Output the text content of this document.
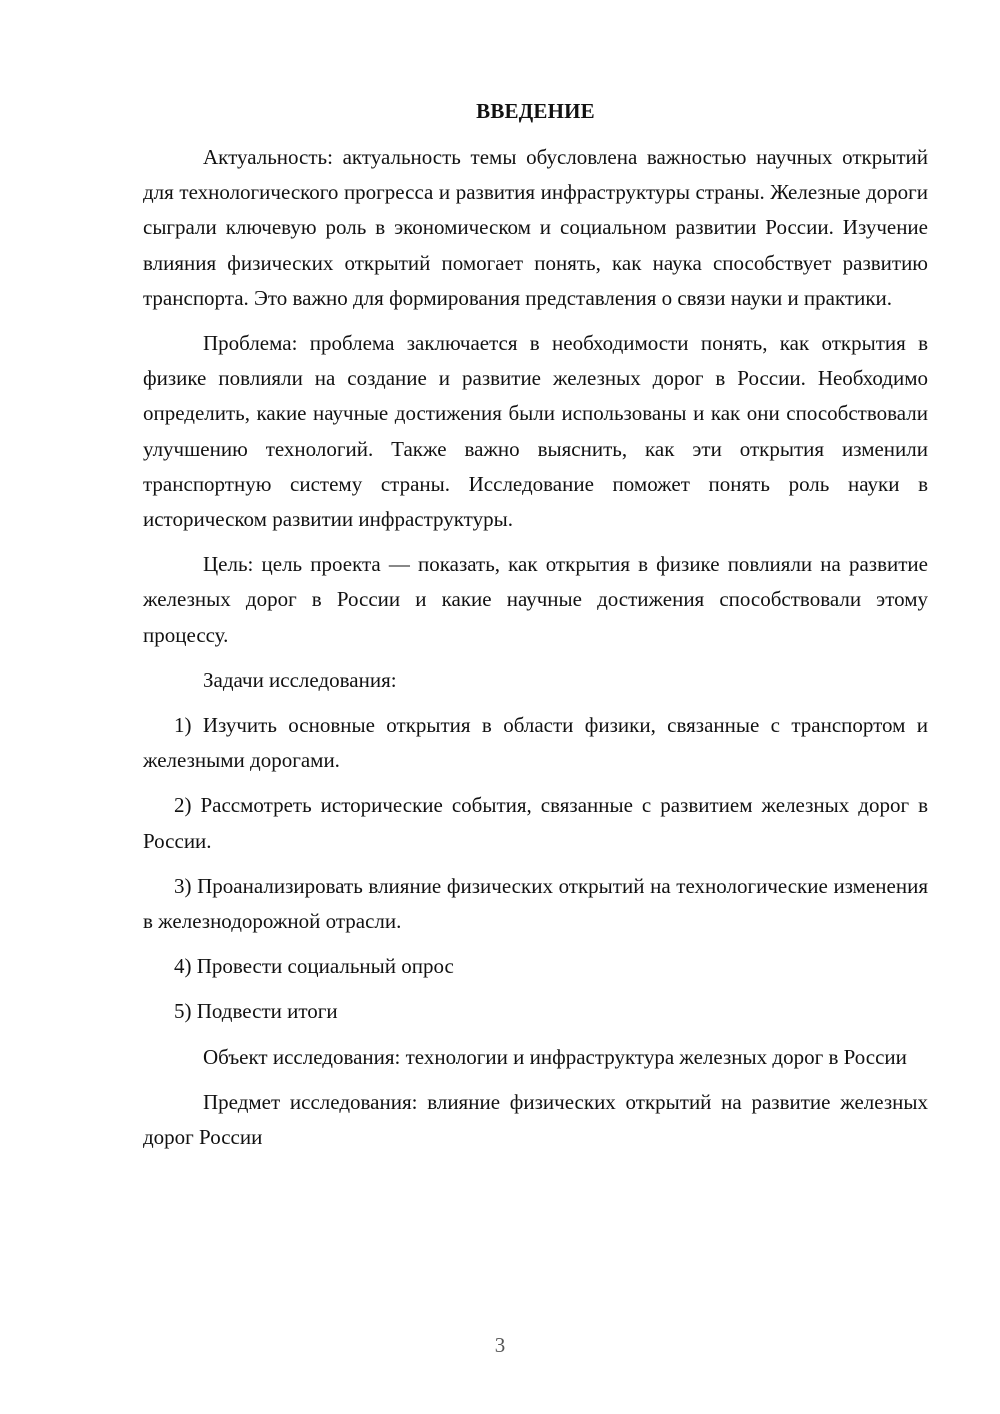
ВВЕДЕНИЕ

Актуальность: актуальность темы обусловлена важностью научных открытий для технологического прогресса и развития инфраструктуры страны. Железные дороги сыграли ключевую роль в экономическом и социальном развитии России. Изучение влияния физических открытий помогает понять, как наука способствует развитию транспорта. Это важно для формирования представления о связи науки и практики.

Проблема: проблема заключается в необходимости понять, как открытия в физике повлияли на создание и развитие железных дорог в России. Необходимо определить, какие научные достижения были использованы и как они способствовали улучшению технологий. Также важно выяснить, как эти открытия изменили транспортную систему страны. Исследование поможет понять роль науки в историческом развитии инфраструктуры.

Цель: цель проекта — показать, как открытия в физике повлияли на развитие железных дорог в России и какие научные достижения способствовали этому процессу.

Задачи исследования:

1) Изучить основные открытия в области физики, связанные с транспортом и железными дорогами.

2) Рассмотреть исторические события, связанные с развитием железных дорог в России.

3) Проанализировать влияние физических открытий на технологические изменения в железнодорожной отрасли.

4) Провести социальный опрос

5) Подвести итоги

Объект исследования: технологии и инфраструктура железных дорог в России

Предмет исследования: влияние физических открытий на развитие железных дорог России

3
